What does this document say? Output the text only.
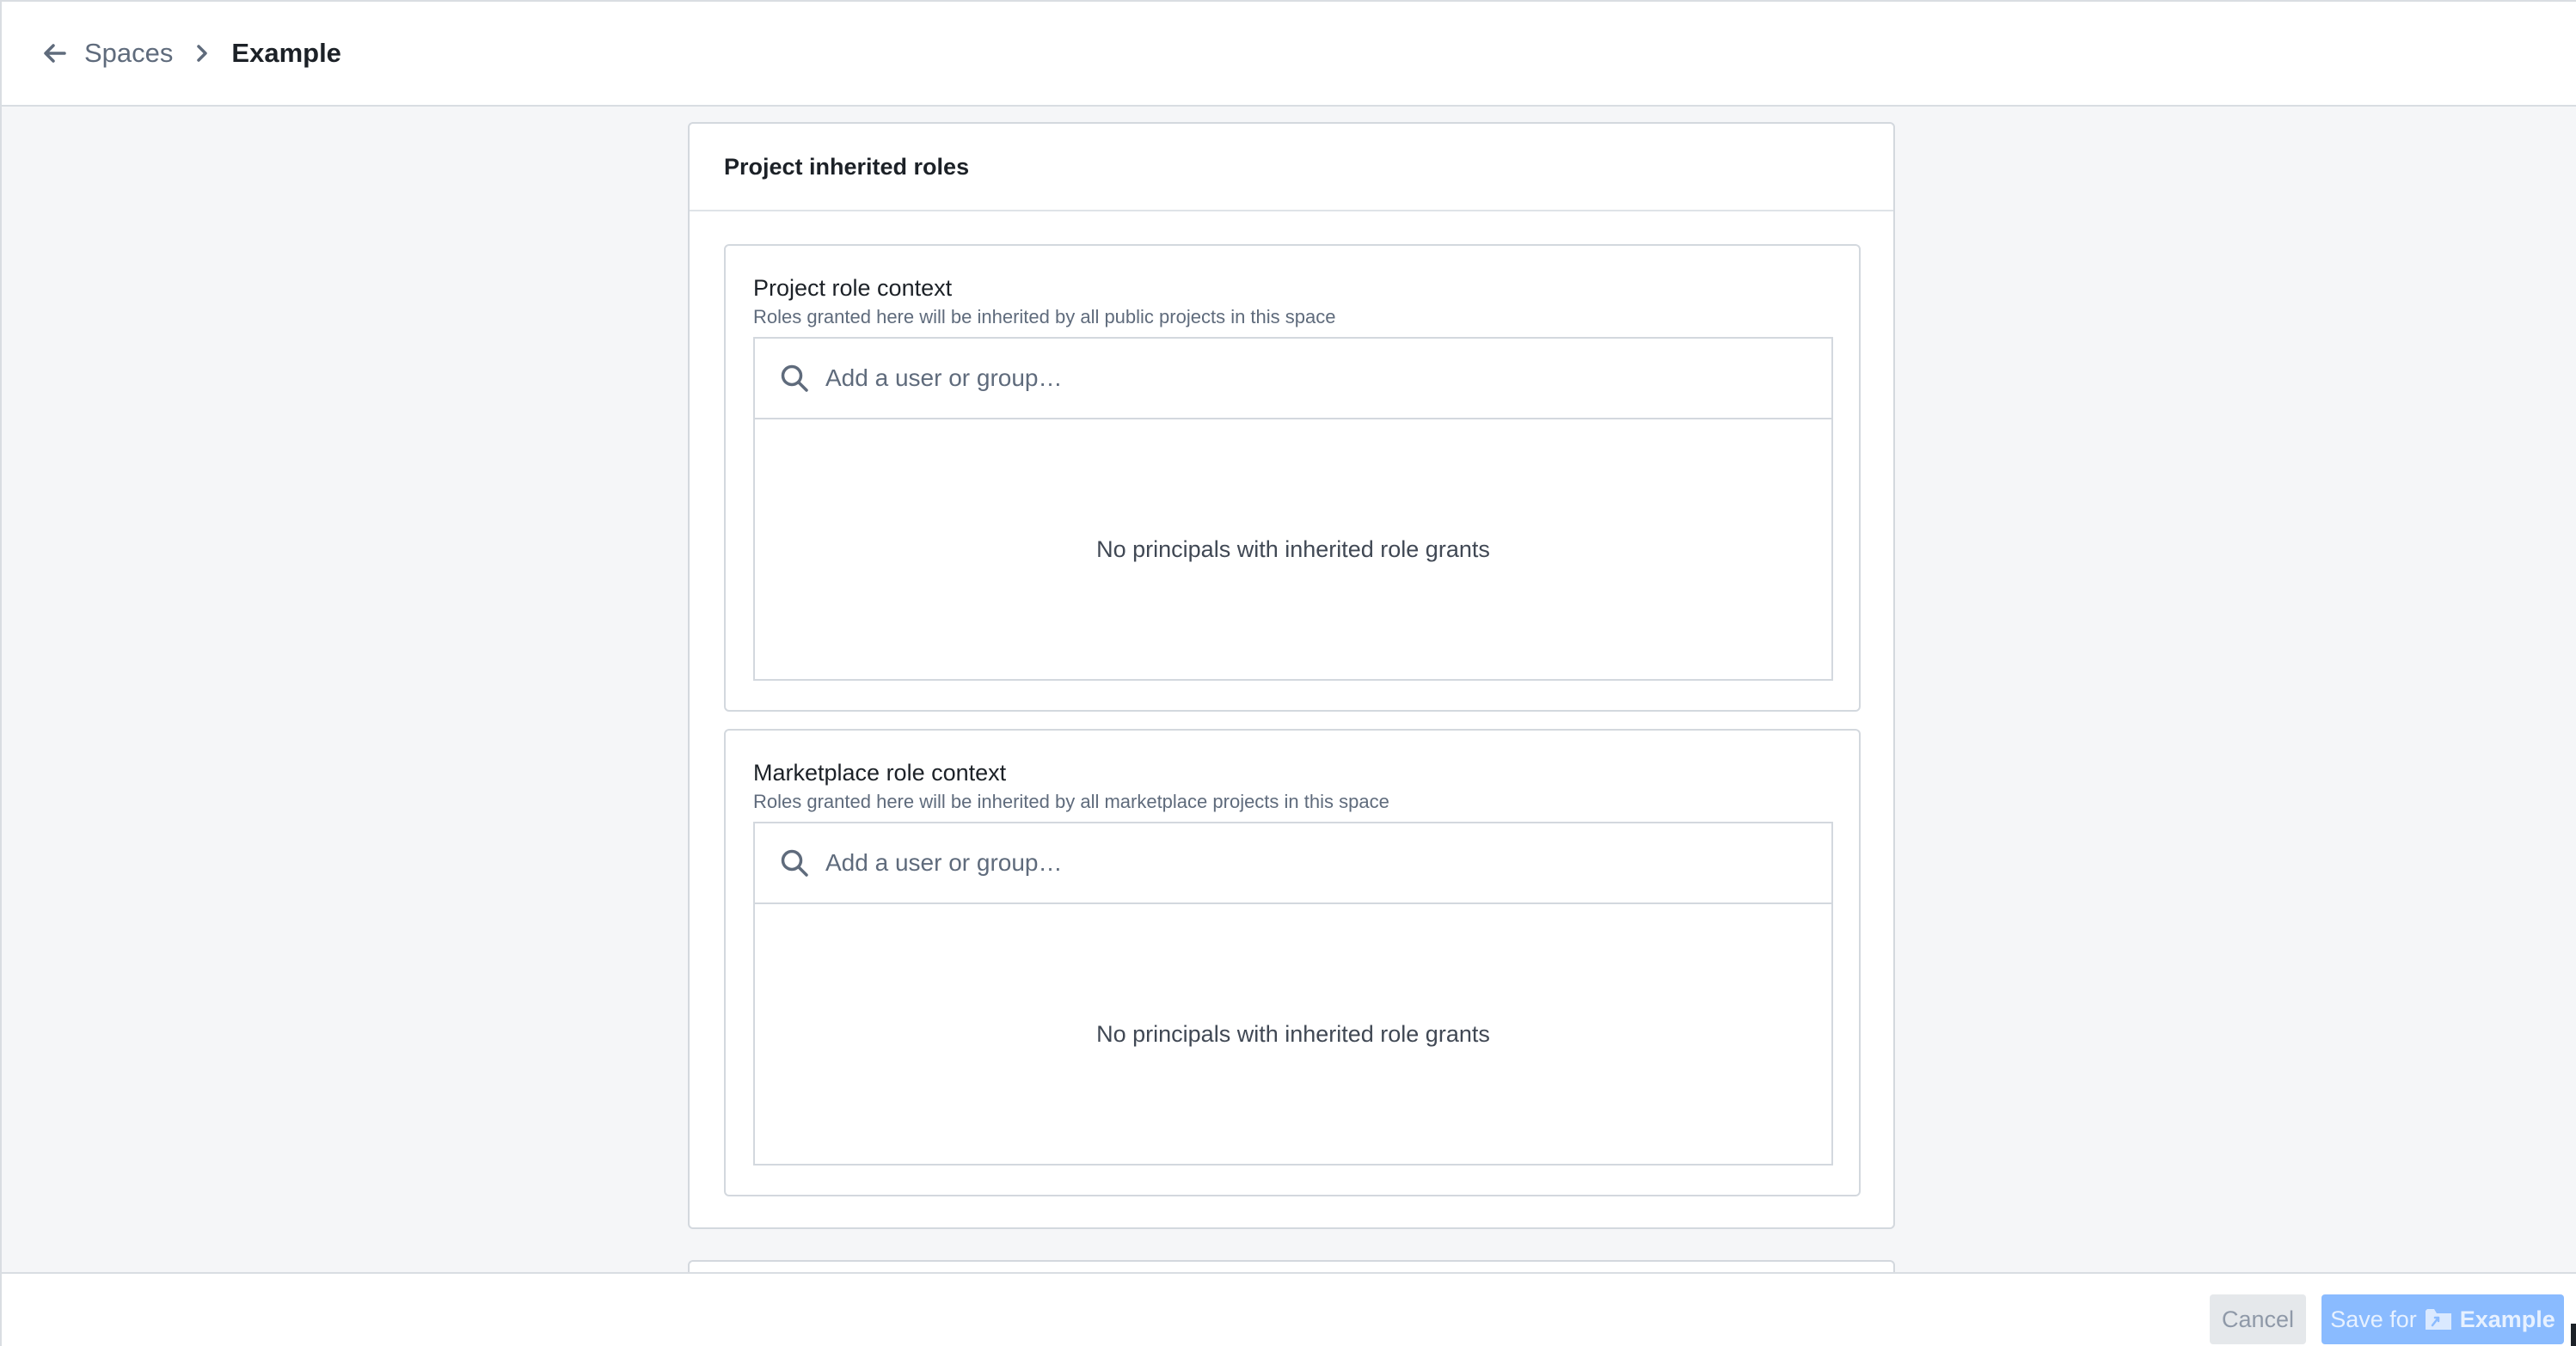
Spaces Example
Project inherited roles
Project role context
Roles granted here will be inherited by all public projects in this space
Add a user or group…
No principals with inherited role grants
Marketplace role context
Roles granted here will be inherited by all marketplace projects in this space
Add a user or group…
No principals with inherited role grants
Cancel	Save for Example
